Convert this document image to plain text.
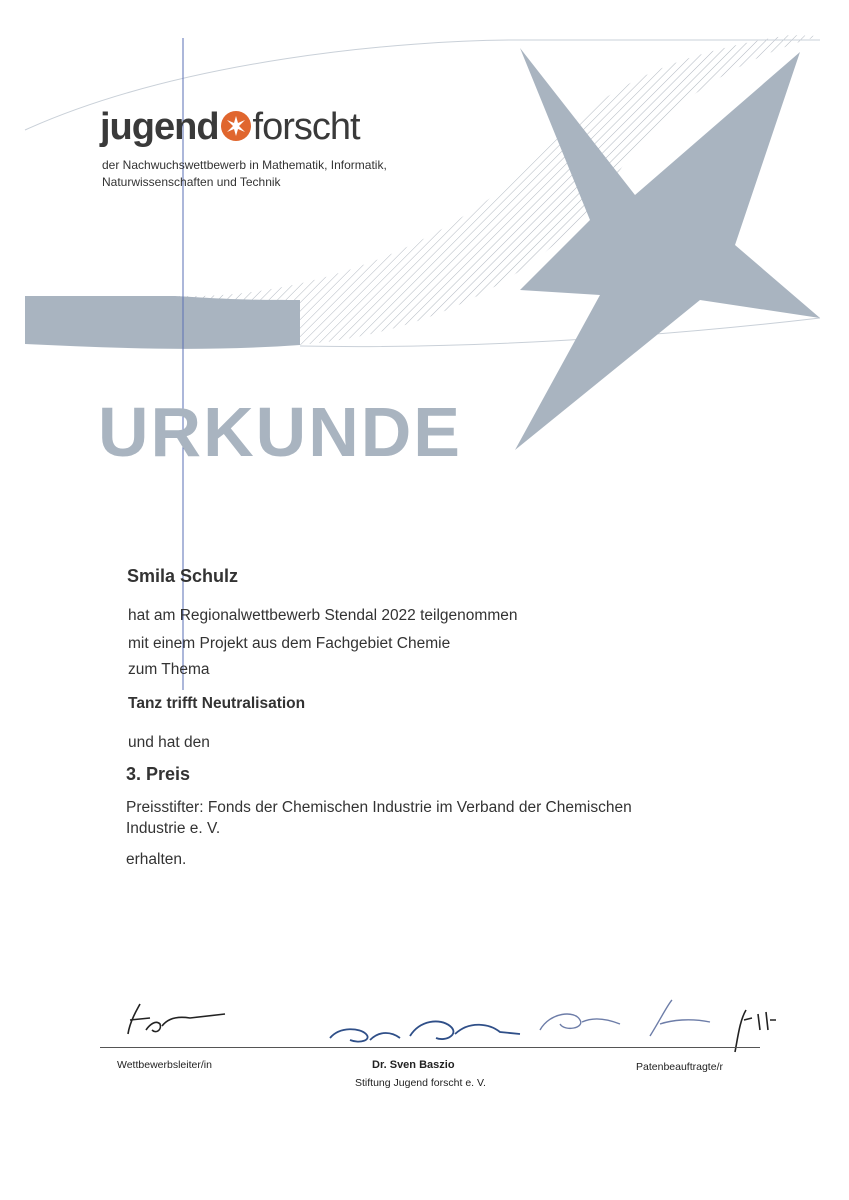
jugend forscht
der Nachwuchswettbewerb in Mathematik, Informatik,
Naturwissenschaften und Technik
URKUNDE
Smila Schulz
hat am Regionalwettbewerb Stendal 2022 teilgenommen
mit einem Projekt aus dem Fachgebiet Chemie
zum Thema
Tanz trifft Neutralisation
und hat den
3. Preis
Preisstifter: Fonds der Chemischen Industrie im Verband der Chemischen Industrie e. V.
erhalten.
Wettbewerbsleiter/in	Dr. Sven Baszio
Stiftung Jugend forscht e. V.
Patenbeauftragte/r
